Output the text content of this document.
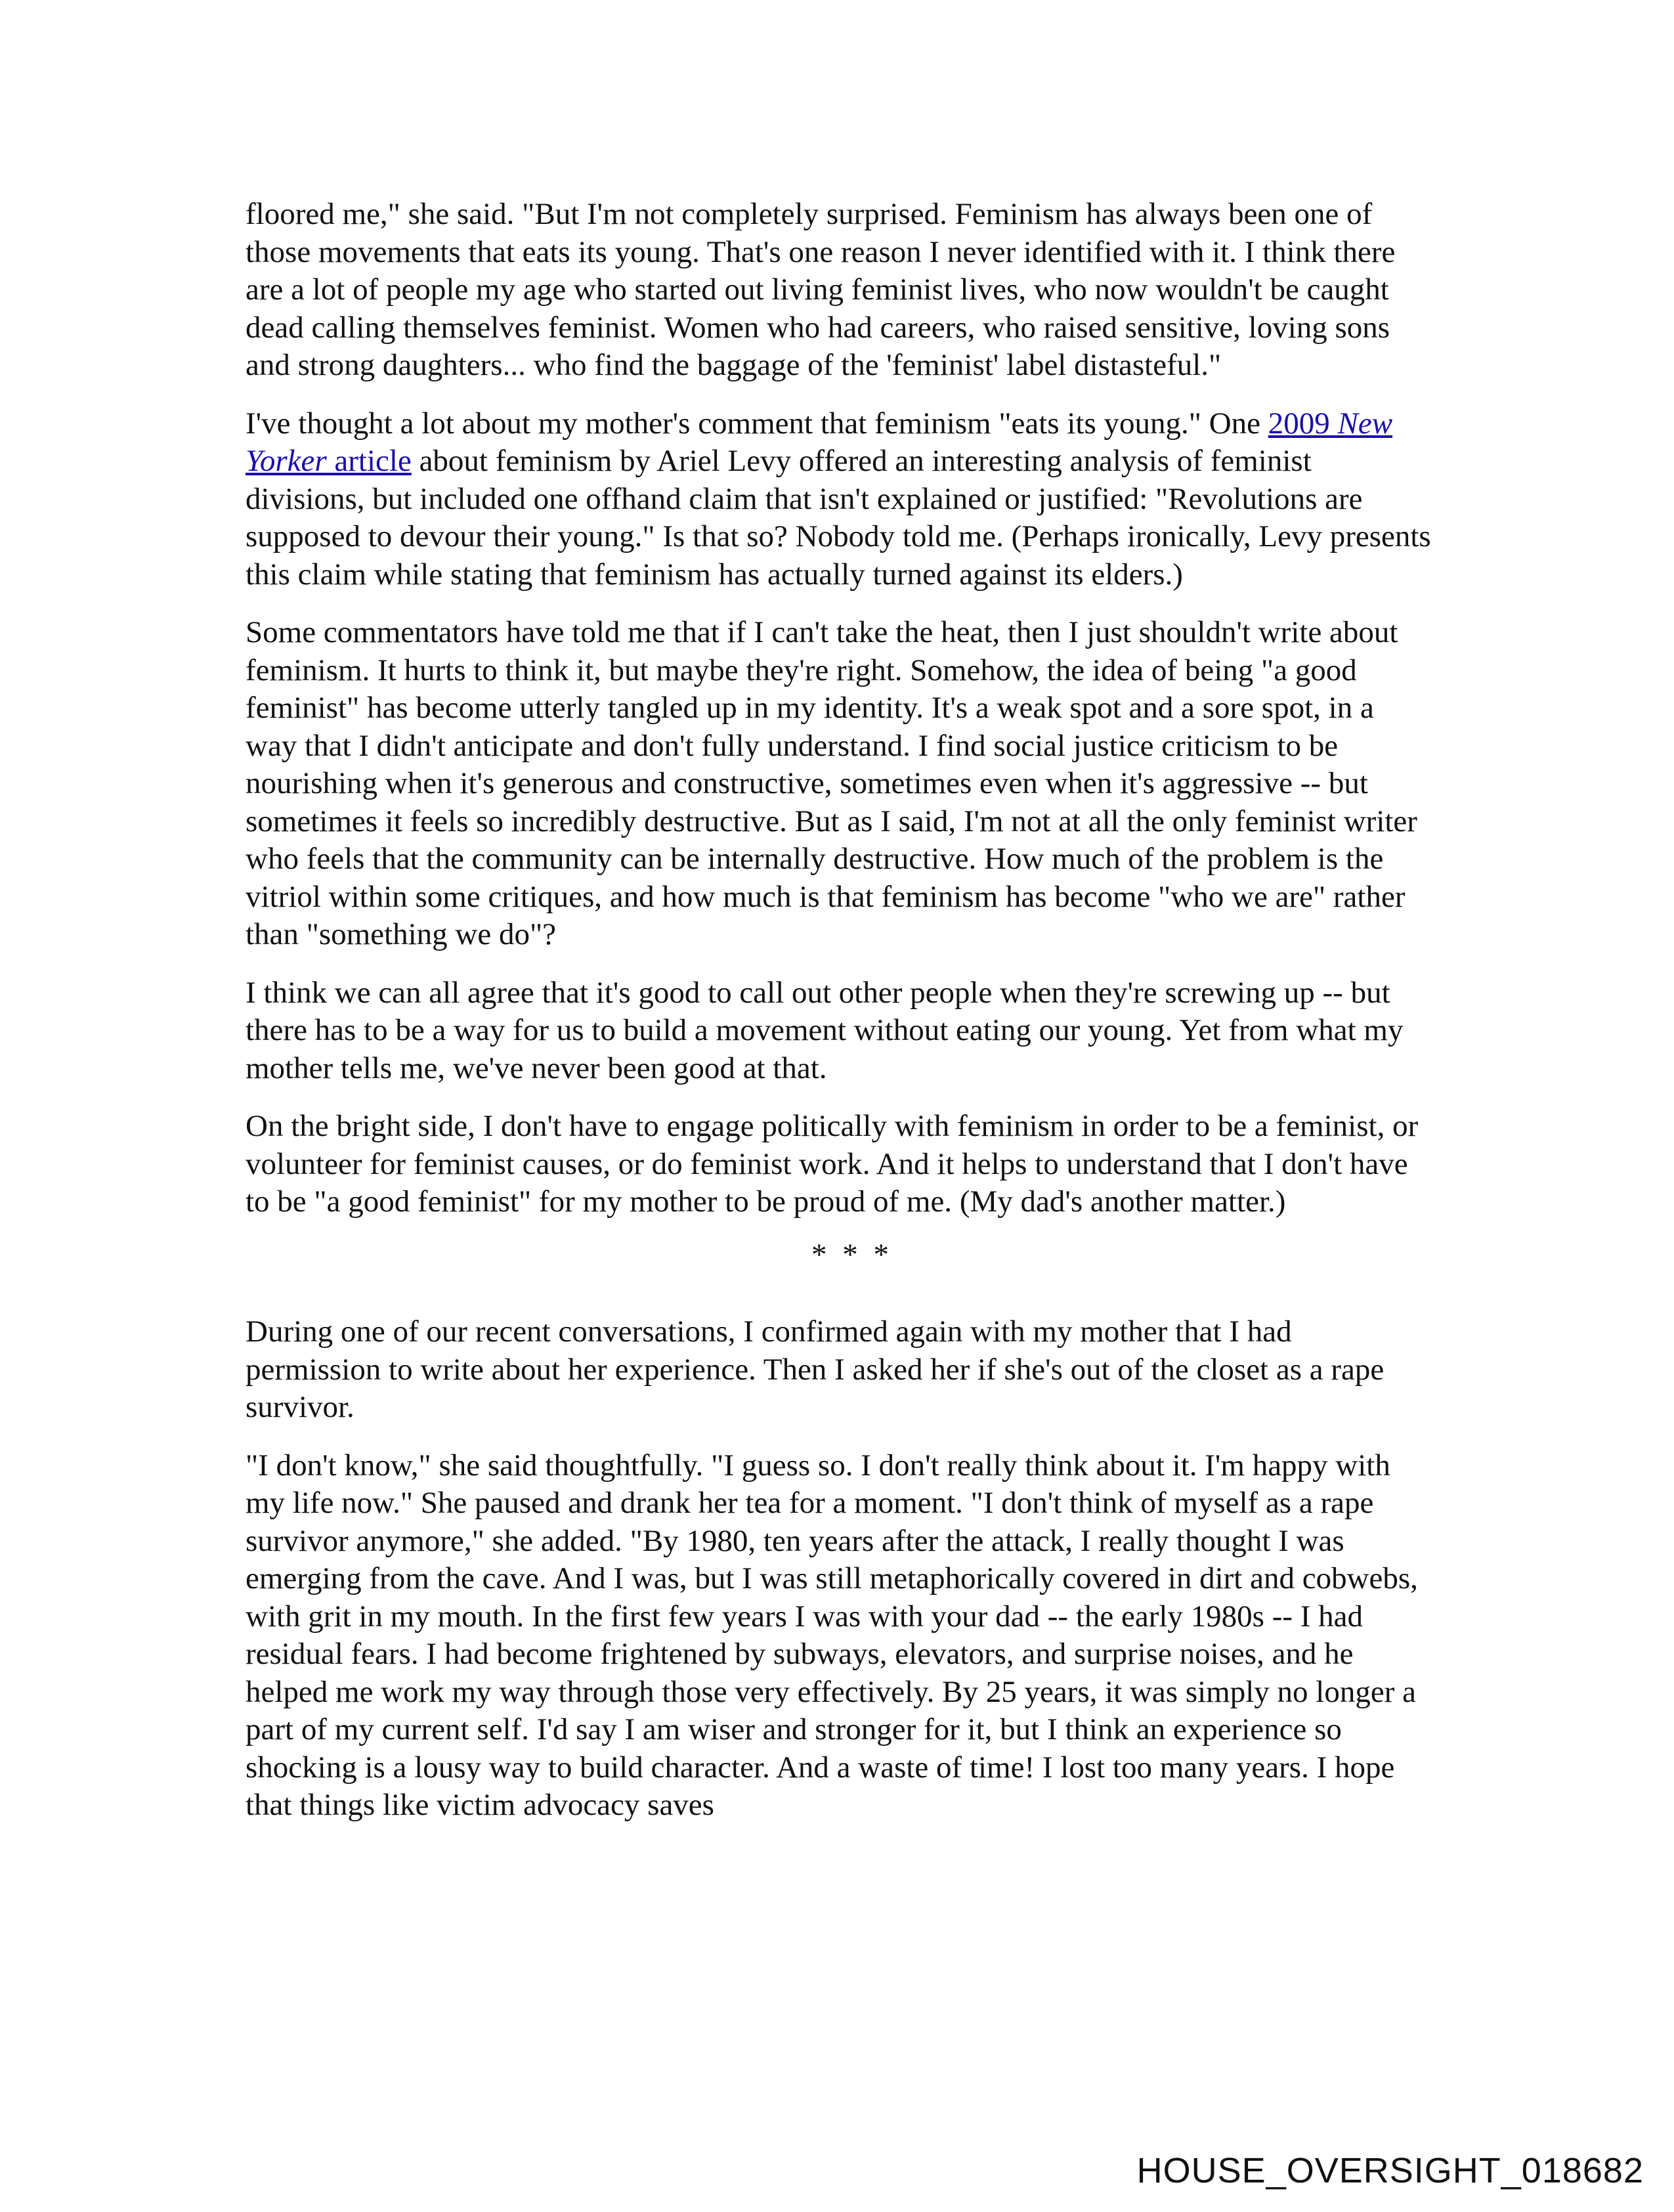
floored me," she said. "But I'm not completely surprised. Feminism has always been one of those movements that eats its young. That's one reason I never identified with it. I think there are a lot of people my age who started out living feminist lives, who now wouldn't be caught dead calling themselves feminist. Women who had careers, who raised sensitive, loving sons and strong daughters... who find the baggage of the 'feminist' label distasteful."

I've thought a lot about my mother's comment that feminism "eats its young." One 2009 New Yorker article about feminism by Ariel Levy offered an interesting analysis of feminist divisions, but included one offhand claim that isn't explained or justified: "Revolutions are supposed to devour their young." Is that so? Nobody told me. (Perhaps ironically, Levy presents this claim while stating that feminism has actually turned against its elders.)

Some commentators have told me that if I can't take the heat, then I just shouldn't write about feminism. It hurts to think it, but maybe they're right. Somehow, the idea of being "a good feminist" has become utterly tangled up in my identity. It's a weak spot and a sore spot, in a way that I didn't anticipate and don't fully understand. I find social justice criticism to be nourishing when it's generous and constructive, sometimes even when it's aggressive -- but sometimes it feels so incredibly destructive. But as I said, I'm not at all the only feminist writer who feels that the community can be internally destructive. How much of the problem is the vitriol within some critiques, and how much is that feminism has become "who we are" rather than "something we do"?

I think we can all agree that it's good to call out other people when they're screwing up -- but there has to be a way for us to build a movement without eating our young. Yet from what my mother tells me, we've never been good at that.

On the bright side, I don't have to engage politically with feminism in order to be a feminist, or volunteer for feminist causes, or do feminist work. And it helps to understand that I don't have to be "a good feminist" for my mother to be proud of me. (My dad's another matter.)

* * *

During one of our recent conversations, I confirmed again with my mother that I had permission to write about her experience. Then I asked her if she's out of the closet as a rape survivor.

"I don't know," she said thoughtfully. "I guess so. I don't really think about it. I'm happy with my life now." She paused and drank her tea for a moment. "I don't think of myself as a rape survivor anymore," she added. "By 1980, ten years after the attack, I really thought I was emerging from the cave. And I was, but I was still metaphorically covered in dirt and cobwebs, with grit in my mouth. In the first few years I was with your dad -- the early 1980s -- I had residual fears. I had become frightened by subways, elevators, and surprise noises, and he helped me work my way through those very effectively. By 25 years, it was simply no longer a part of my current self. I'd say I am wiser and stronger for it, but I think an experience so shocking is a lousy way to build character. And a waste of time! I lost too many years. I hope that things like victim advocacy saves

HOUSE_OVERSIGHT_018682
